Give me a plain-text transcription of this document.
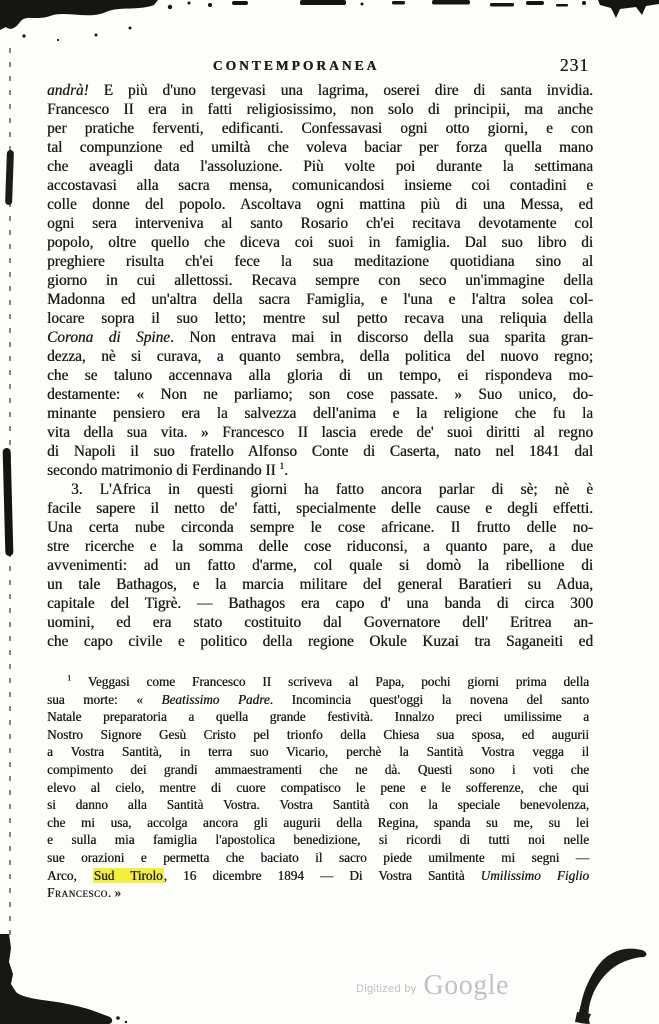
CONTEMPORANEA	231
andrà! E più d'uno tergevasi una lagrima, oserei dire di santa invidia.
Francesco II era in fatti religiosissimo, non solo di principii, ma anche
per pratiche ferventi, edificanti. Confessavasi ogni otto giorni, e con
tal compunzione ed umiltà che voleva baciar per forza quella mano
che aveagli data l'assoluzione. Più volte poi durante la settimana
accostavasi alla sacra mensa, comunicandosi insieme coi contadini e
colle donne del popolo. Ascoltava ogni mattina più di una Messa, ed
ogni sera interveniva al santo Rosario ch'ei recitava devotamente col
popolo, oltre quello che diceva coi suoi in famiglia. Dal suo libro di
preghiere risulta ch'ei fece la sua meditazione quotidiana sino al
giorno in cui allettossi. Recava sempre con seco un'immagine della
Madonna ed un'altra della sacra Famiglia, e l'una e l'altra solea col-
locare sopra il suo letto; mentre sul petto recava una reliquia della
Corona di Spine. Non entrava mai in discorso della sua sparita gran-
dezza, nè si curava, a quanto sembra, della politica del nuovo regno;
che se taluno accennava alla gloria di un tempo, ei rispondeva mo-
destamente: « Non ne parliamo; son cose passate. » Suo unico, do-
minante pensiero era la salvezza dell'anima e la religione che fu la
vita della sua vita. » Francesco II lascia erede de' suoi diritti al regno
di Napoli il suo fratello Alfonso Conte di Caserta, nato nel 1841 dal
secondo matrimonio di Ferdinando II $^1$.
3. L'Africa in questi giorni ha fatto ancora parlar di sè; nè è
facile sapere il netto de' fatti, specialmente delle cause e degli effetti.
Una certa nube circonda sempre le cose africane. Il frutto delle no-
stre ricerche e la somma delle cose riduconsi, a quanto pare, a due
avvenimenti: ad un fatto d'arme, col quale si domò la ribellione di
un tale Bathagos, e la marcia militare del general Baratieri su Adua,
capitale del Tigrè. — Bathagos era capo d' una banda di circa 300
uomini, ed era stato costituito dal Governatore dell' Eritrea an-
che capo civile e politico della regione Okule Kuzai tra Saganeiti ed
$^1$ Veggasi come Francesco II scriveva al Papa, pochi giorni prima della
sua morte: « Beatissimo Padre. Incomincia quest'oggi la novena del santo
Natale preparatoria a quella grande festività. Innalzo preci umilissime a
Nostro Signore Gesù Cristo pel trionfo della Chiesa sua sposa, ed augurii
a Vostra Santità, in terra suo Vicario, perchè la Santità Vostra vegga il
compimento dei grandi ammaestramenti che ne dà. Questi sono i voti che
elevo al cielo, mentre di cuore compatisco le pene e le sofferenze, che qui
si danno alla Santità Vostra. Vostra Santità con la speciale benevolenza,
che mi usa, accolga ancora gli augurii della Regina, spanda su me, su lei
e sulla mia famiglia l'apostolica benedizione, si ricordi di tutti noi nelle
sue orazioni e permetta che baciato il sacro piede umilmente mi segni —
Arco, Sud Tirolo, 16 dicembre 1894 — Di Vostra Santità Umilissimo Figlio
Francesco. »
Digitized by Google
